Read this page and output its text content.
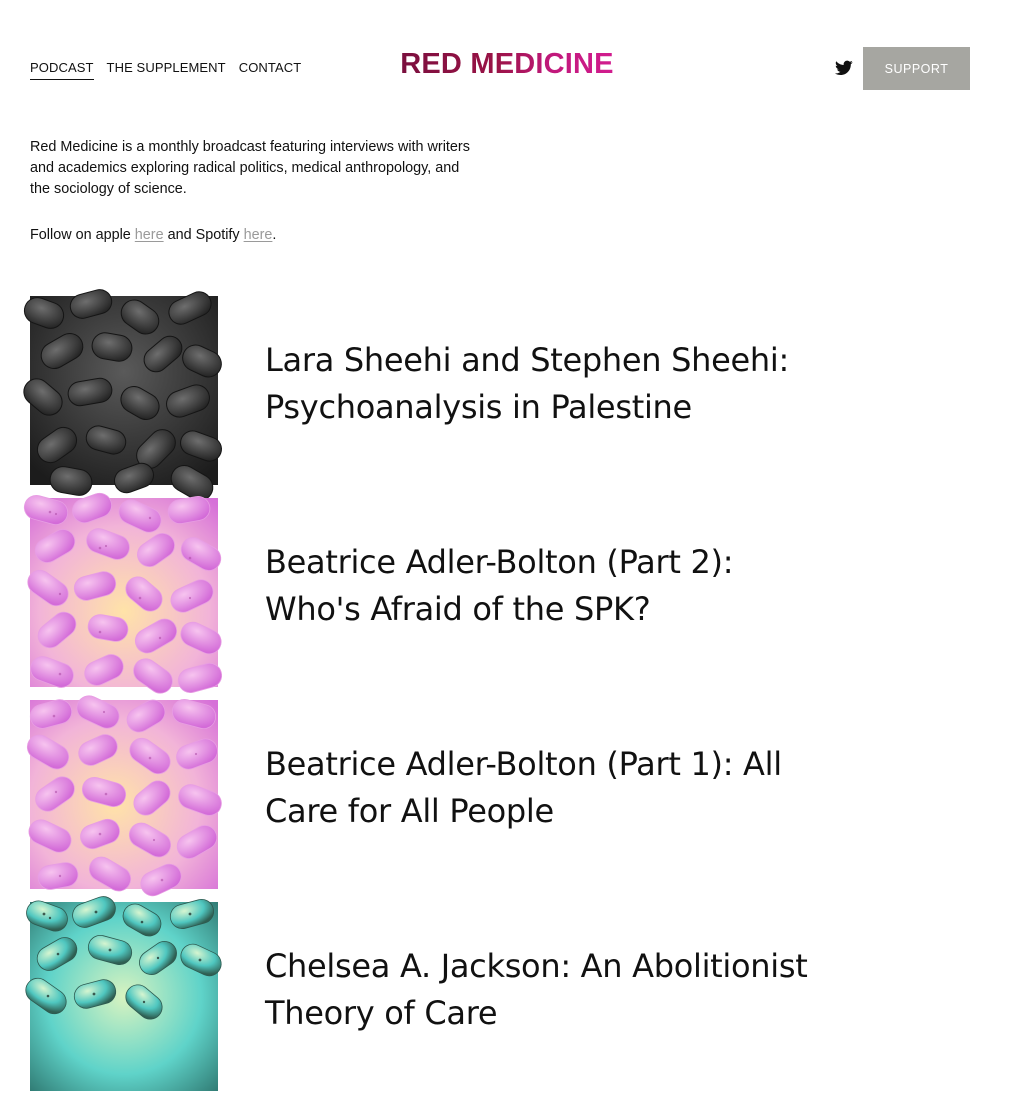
PODCAST THE SUPPLEMENT CONTACT	RED MEDICINE	SUPPORT

Red Medicine is a monthly broadcast featuring interviews with writers and academics exploring radical politics, medical anthropology, and the sociology of science.

Follow on apple here and Spotify here.
Lara Sheehi and Stephen Sheehi: Psychoanalysis in Palestine
Beatrice Adler-Bolton (Part 2): Who's Afraid of the SPK?
Beatrice Adler-Bolton (Part 1): All Care for All People
Chelsea A. Jackson: An Abolitionist Theory of Care
